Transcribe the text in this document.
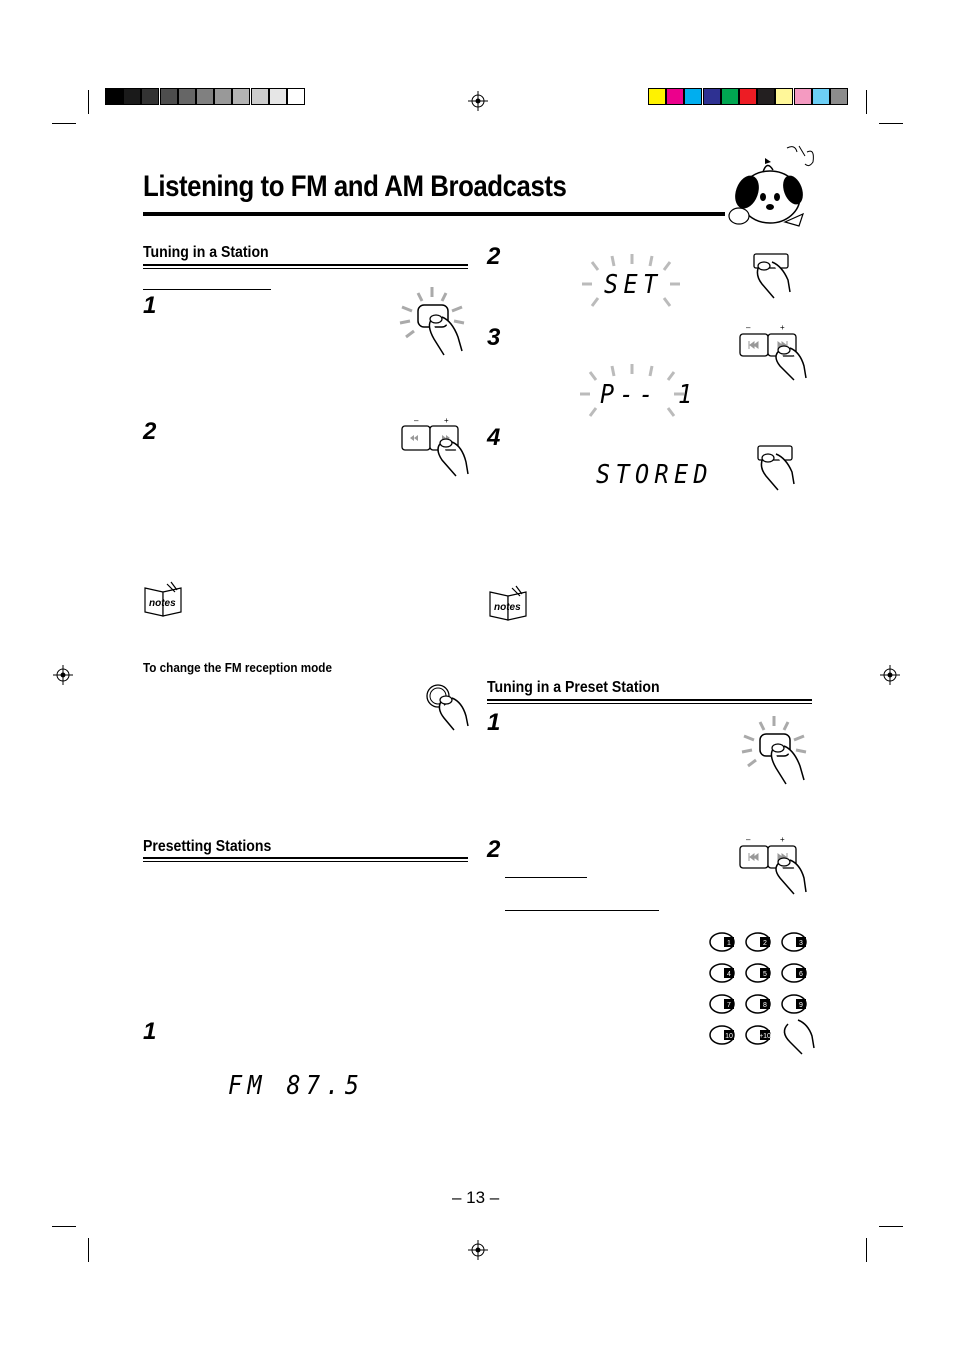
Listening to FM and AM Broadcasts
Tuning in a Station
1
2	–	+
notes
To change the FM reception mode
Presetting Stations
1
FM 87.5
2
SET
3	–	+
P-- 1
4
STORED
notes
Tuning in a Preset Station
1
2	–	+
1	2	3
4	5	6
7	8	9
10	+10
– 13 –
